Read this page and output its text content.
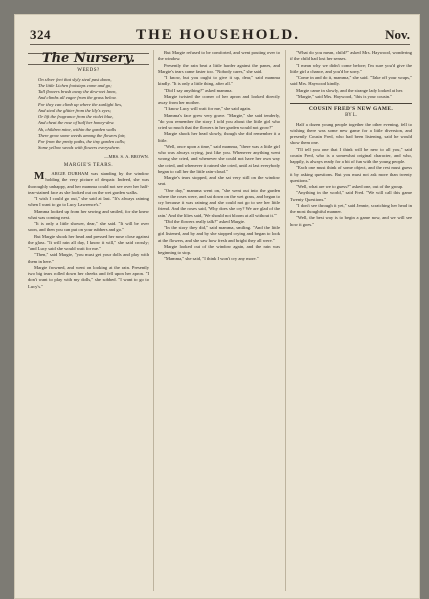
324	THE HOUSEHOLD.	Nov.
The Nursery.
WEEDS?
On silver feet that slyly steal past dawn,
The little Lichen footsteps come and go;
Tall flowers brush away the dew-wet lawn,
And climbs all eager from the grass below.
For they can climb up where the sunlight lies,
And steal the glitter from the lily's eyes;
Or lift the fragrance from the violet blue,
And cheat the rose of half her honey-dew.
Ah, children mine, within the garden walls
There grow some weeds among the flowers fair,
For from the pretty paths, the tiny garden calls;
Some yellow weeds with flowers everywhere.
—MRS. S. A. BROWN.
MARGIE'S TEARS.

MARGIE DURHAM was standing by the window holding the very picture of despair. Indeed, she was thoroughly unhappy, and her mamma could not see over her half-tear-stained face as she looked out on the wet garden walks.

"I wish I could go out," she said at last. "It's always raining when I want to go to Lucy Lawrence's."

Mamma looked up from her sewing and smiled, for she knew what was coming next.

"It is only a little shower, dear," she said. "It will be over soon, and then you can put on your rubbers and go."

But Margie shook her head and pressed her nose close against the glass. "It will rain all day, I know it will," she said crossly; "and Lucy said she would wait for me."

"Then," said Margie, "you must get your dolls and play with them in here."

Margie frowned, and went on looking at the rain. Presently two big tears rolled down her cheeks and fell upon her apron. "I don't want to play with my dolls," she sobbed. "I want to go to Lucy's."

But Margie refused to be comforted, and went pouting over to the window.

Presently the rain beat a little harder against the panes, and Margie's tears came faster too. "Nobody cares," she said.

"I know, but you ought to give it up, dear," said mamma kindly. "It is only a little thing, after all."

"Did I say anything?" asked mamma.

Margie twisted the corner of her apron and looked directly away from her mother.

"I know Lucy will wait for me," she said again.

Mamma's face grew very grave. "Margie," she said tenderly, "do you remember the story I told you about the little girl who cried so much that the flowers in her garden would not grow?"

Margie shook her head slowly, though she did remember it a little.

"Well, once upon a time," said mamma, "there was a little girl who was always crying, just like you. Whenever anything went wrong she cried, and whenever she could not have her own way she cried, and whenever it rained she cried, until at last everybody began to call her the little rain-cloud."

Margie's tears stopped, and she sat very still on the window seat.

"One day," mamma went on, "she went out into the garden where the roses were, and sat down on the wet grass, and began to cry because it was raining and she could not go to see her little friend. And the roses said, 'Why does she cry? We are glad of the rain.' And the lilies said, 'We should not bloom at all without it.'"

"Did the flowers really talk?" asked Margie.

"In the story they did," said mamma, smiling. "And the little girl listened, and by and by she stopped crying and began to look at the flowers, and she saw how fresh and bright they all were."

Margie looked out of the window again, and the rain was beginning to stop.

"Mamma," she said, "I think I won't cry any more."

"What do you mean, child?" asked Mrs. Haywood, wondering if the child had lost her senses.

"I mean why we didn't come before; I'm sure you'd give the little girl a chance, and you'd be sorry."

"Come in and do it, mamma," she said. "Take off your wraps," said Mrs. Haywood kindly.

Margie came in slowly, and the strange lady looked at her.

"Margie," said Mrs. Haywood, "this is your cousin."

COUSIN FRED'S NEW GAME.
BY L.

Half a dozen young people together the other evening, fell to wishing there was some new game for a little diversion, and presently Cousin Fred, who had been listening, said he would show them one.

"I'll tell you one that I think will be new to all you," said cousin Fred, who is a somewhat original character, and who, happily, is always ready for a bit of fun with the young people.

"Each one must think of some object, and the rest must guess it by asking questions. But you must not ask more than twenty questions."

"Well, what are we to guess?" asked one, out of the group.

"Anything in the world," said Fred. "We will call this game Twenty Questions."

"I don't see through it yet," said Jennie, scratching her head in the most thoughtful manner.

"Well, the best way is to begin a game now, and we will see how it goes."
